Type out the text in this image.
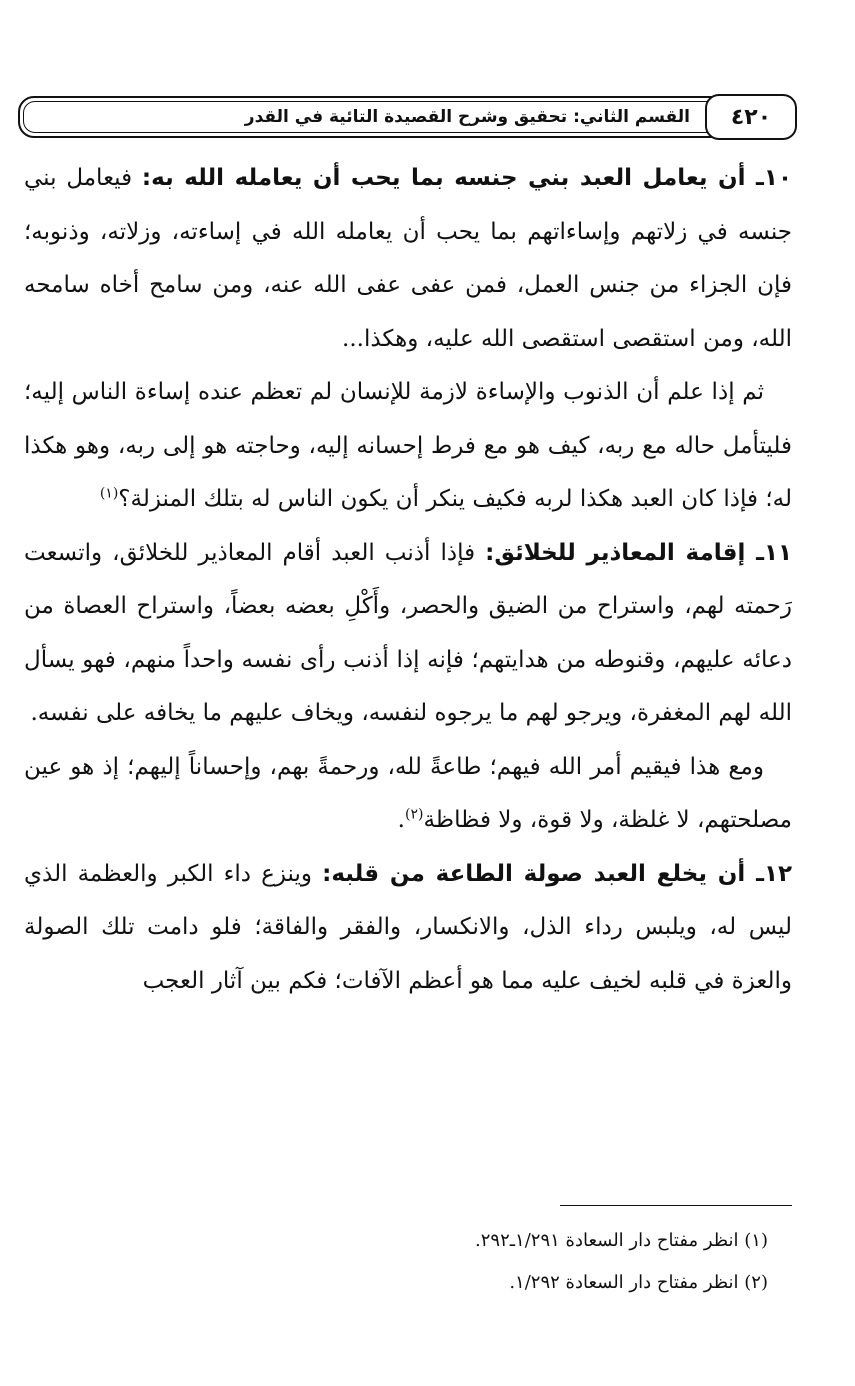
٤٢٠
القسم الثاني: تحقيق وشرح القصيدة التائية في القدر

١٠ـ أن يعامل العبد بني جنسه بما يحب أن يعامله الله به: فيعامل بني جنسه في زلاتهم وإساءاتهم بما يحب أن يعامله الله في إساءته، وزلاته، وذنوبه؛ فإن الجزاء من جنس العمل، فمن عفى عفى الله عنه، ومن سامح أخاه سامحه الله، ومن استقصى استقصى الله عليه، وهكذا...

ثم إذا علم أن الذنوب والإساءة لازمة للإنسان لم تعظم عنده إساءة الناس إليه؛ فليتأمل حاله مع ربه، كيف هو مع فرط إحسانه إليه، وحاجته هو إلى ربه، وهو هكذا له؛ فإذا كان العبد هكذا لربه فكيف ينكر أن يكون الناس له بتلك المنزلة؟$^{(١)}$

١١ـ إقامة المعاذير للخلائق: فإذا أذنب العبد أقام المعاذير للخلائق، واتسعت رَحمته لهم، واستراح من الضيق والحصر، وأَكْلِ بعضه بعضاً، واستراح العصاة من دعائه عليهم، وقنوطه من هدايتهم؛ فإنه إذا أذنب رأى نفسه واحداً منهم، فهو يسأل الله لهم المغفرة، ويرجو لهم ما يرجوه لنفسه، ويخاف عليهم ما يخافه على نفسه.

ومع هذا فيقيم أمر الله فيهم؛ طاعةً لله، ورحمةً بهم، وإحساناً إليهم؛ إذ هو عين مصلحتهم، لا غلظة، ولا قوة، ولا فظاظة$^{(٢)}$.

١٢ـ أن يخلع العبد صولة الطاعة من قلبه: وينزع داء الكبر والعظمة الذي ليس له، ويلبس رداء الذل، والانكسار، والفقر والفاقة؛ فلو دامت تلك الصولة والعزة في قلبه لخيف عليه مما هو أعظم الآفات؛ فكم بين آثار العجب

(١) انظر مفتاح دار السعادة ١/٢٩١ـ٢٩٢.

(٢) انظر مفتاح دار السعادة ١/٢٩٢.
